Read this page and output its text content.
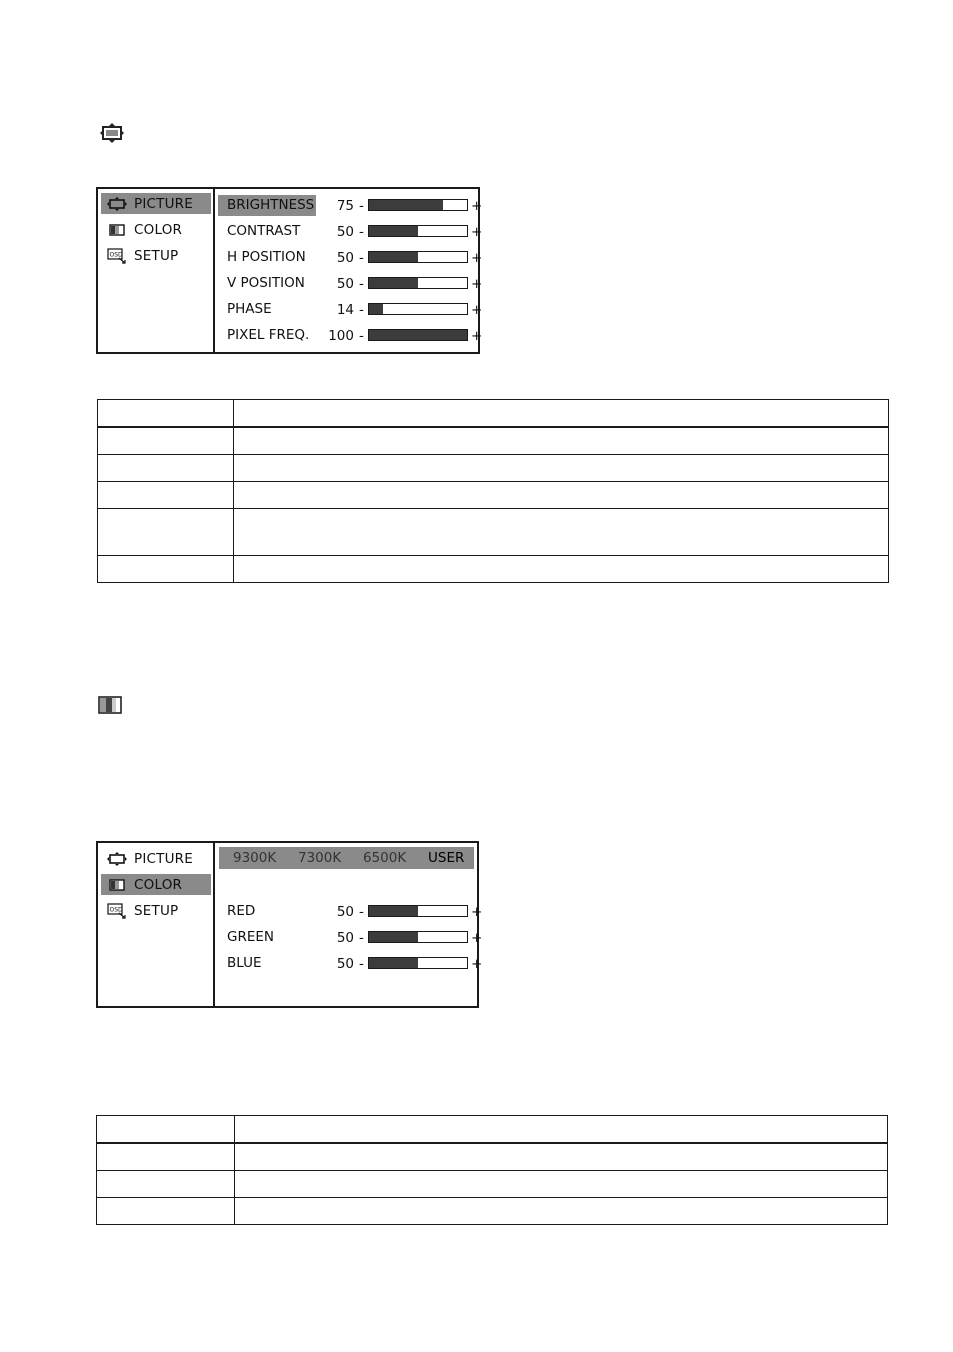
PICTURE
COLOR
OSD SETUP
BRIGHTNESS	75 -	+
CONTRAST	50 -	+
H POSITION	50 -	+
V POSITION	50 -	+
PHASE	14 -	+
PIXEL FREQ.	100 -	+

PICTURE
COLOR
OSD SETUP
9300K 7300K 6500K USER
RED	50 -	+
GREEN	50 -	+
BLUE	50 -	+
